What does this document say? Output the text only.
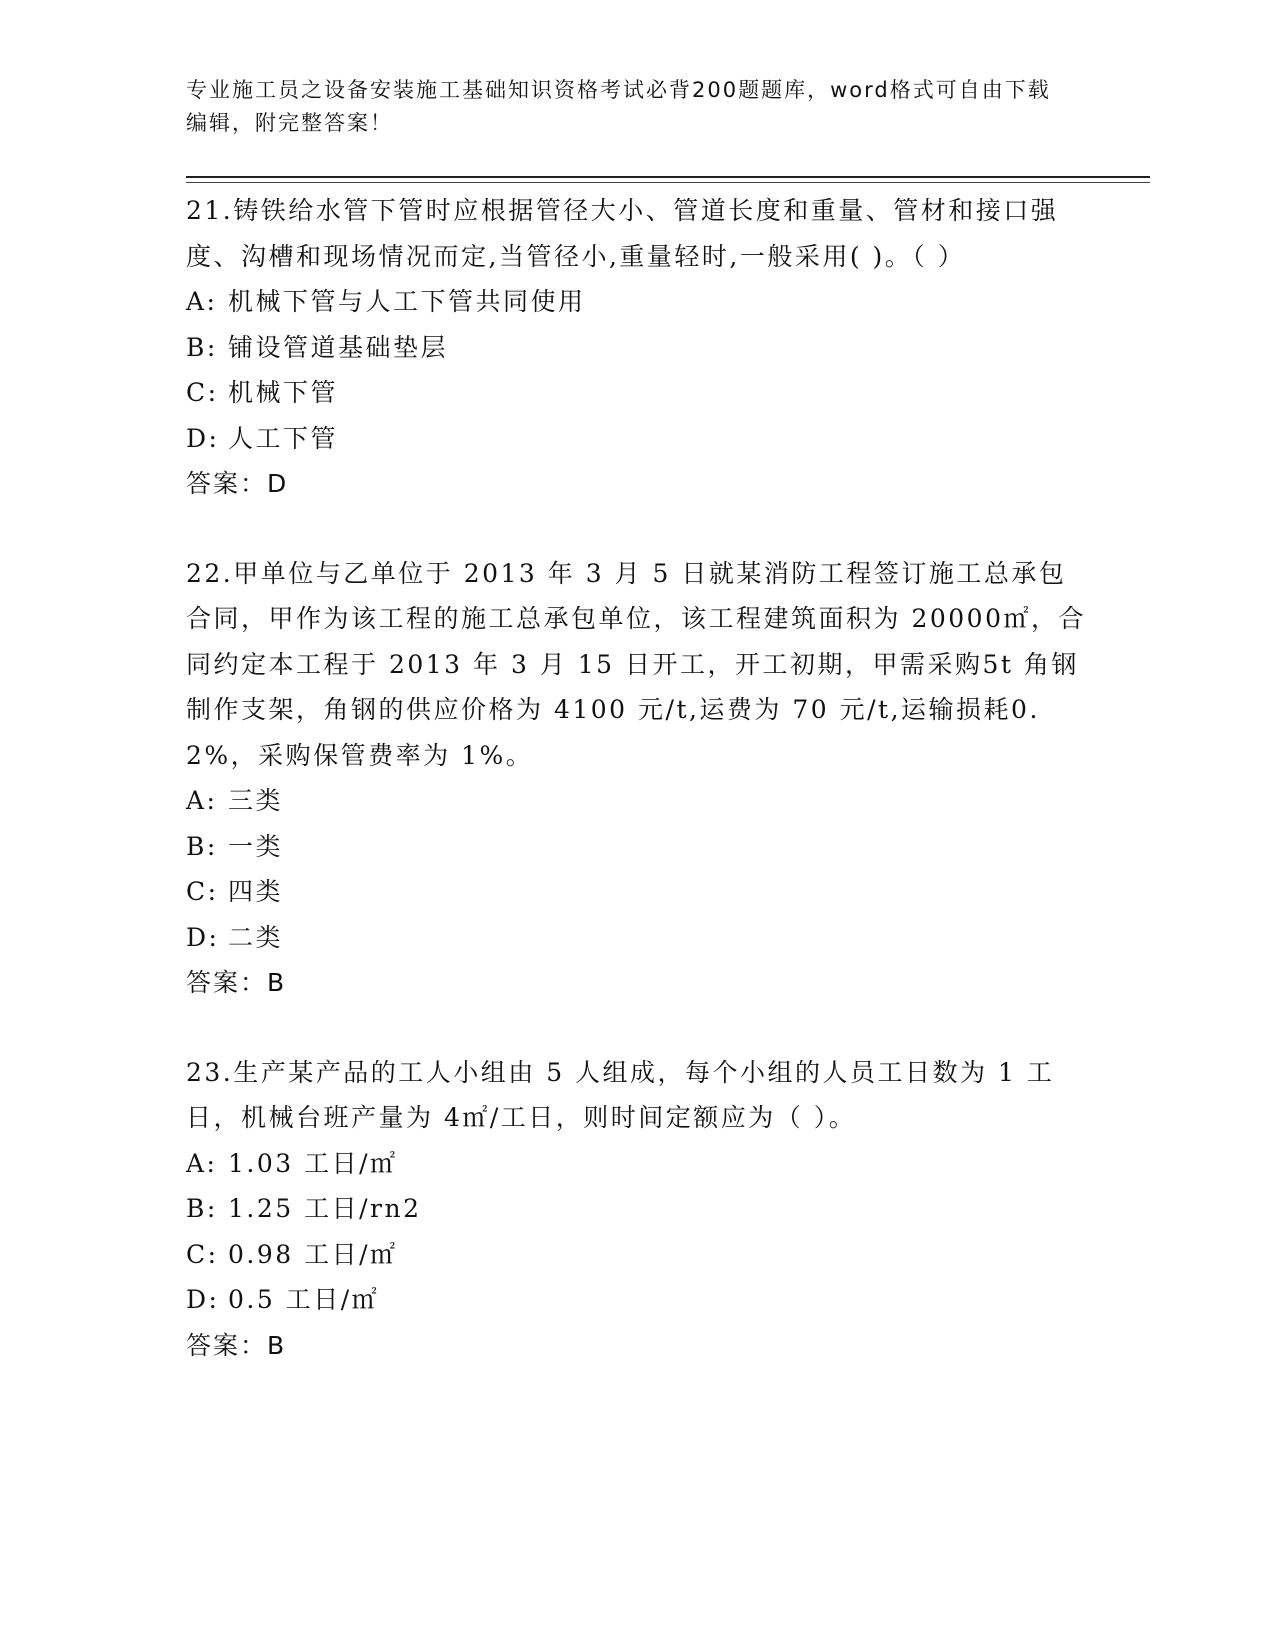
专业施工员之设备安装施工基础知识资格考试必背200题题库，word格式可自由下载编辑，附完整答案！
21.铸铁给水管下管时应根据管径大小、管道长度和重量、管材和接口强度、沟槽和现场情况而定,当管径小,重量轻时,一般采用( )。（ ）
A: 机械下管与人工下管共同使用
B: 铺设管道基础垫层
C: 机械下管
D: 人工下管
答案：D
22.甲单位与乙单位于 2013 年 3 月 5 日就某消防工程签订施工总承包合同，甲作为该工程的施工总承包单位，该工程建筑面积为 20000㎡，合同约定本工程于 2013 年 3 月 15 日开工，开工初期，甲需采购5t 角钢制作支架，角钢的供应价格为 4100 元/t,运费为 70 元/t,运输损耗0.2%，采购保管费率为 1%。
A: 三类
B: 一类
C: 四类
D: 二类
答案：B
23.生产某产品的工人小组由 5 人组成，每个小组的人员工日数为 1 工日，机械台班产量为 4㎡/工日，则时间定额应为（ ）。
A: 1.03 工日/㎡
B: 1.25 工日/rn2
C: 0.98 工日/㎡
D: 0.5 工日/㎡
答案：B
